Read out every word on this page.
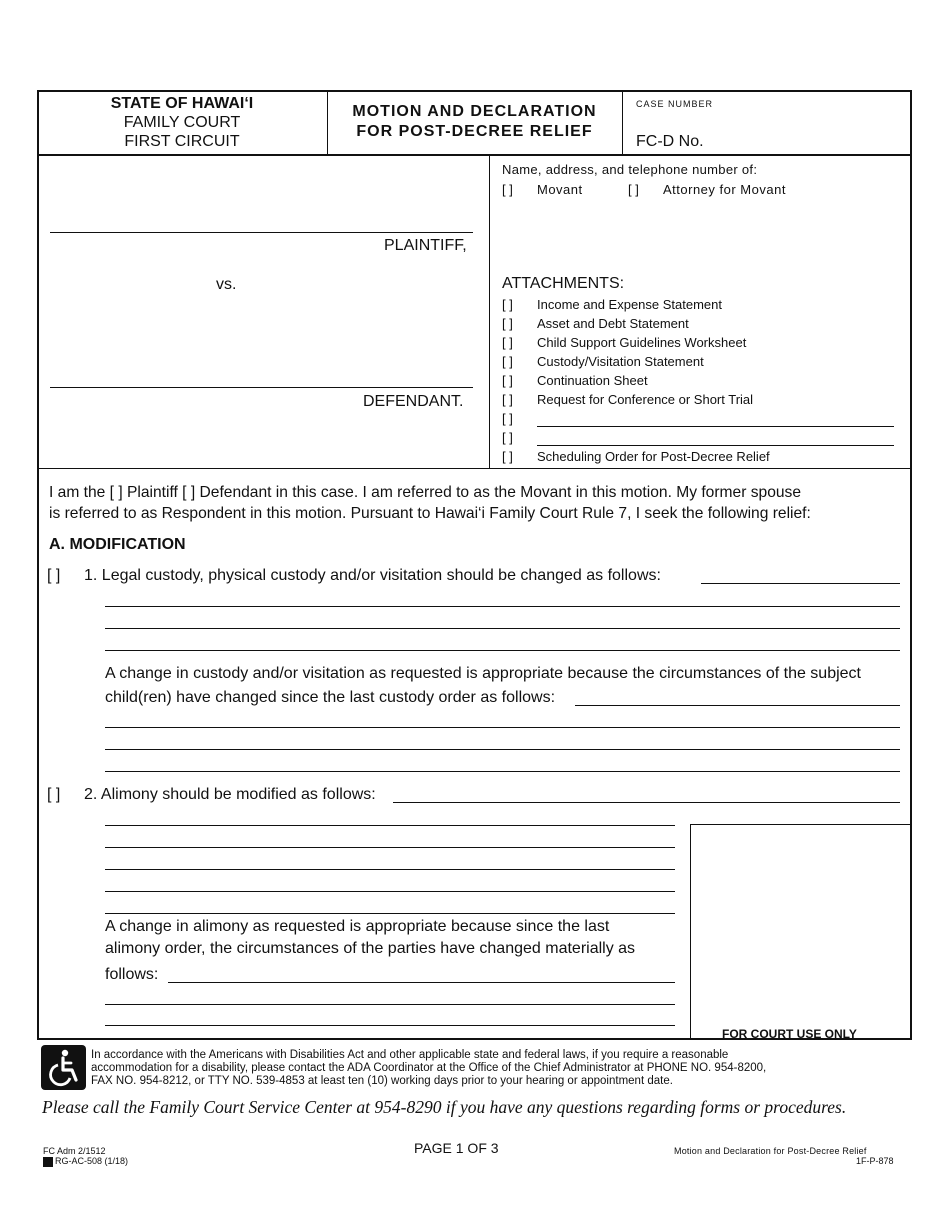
STATE OF HAWAI‘I
FAMILY COURT
FIRST CIRCUIT
MOTION AND DECLARATION
FOR POST-DECREE RELIEF
CASE NUMBER
FC-D No.
PLAINTIFF,
vs.
DEFENDANT.
Name, address, and telephone number of:
[ ] Movant	[ ] Attorney for Movant
ATTACHMENTS:
[ ] Income and Expense Statement
[ ] Asset and Debt Statement
[ ] Child Support Guidelines Worksheet
[ ] Custody/Visitation Statement
[ ] Continuation Sheet
[ ] Request for Conference or Short Trial
[ ]
[ ]
[ ] Scheduling Order for Post-Decree Relief
I am the [ ] Plaintiff [ ] Defendant in this case. I am referred to as the Movant in this motion. My former spouse
is referred to as Respondent in this motion. Pursuant to Hawai‘i Family Court Rule 7, I seek the following relief:
A. MODIFICATION
[ ] 1. Legal custody, physical custody and/or visitation should be changed as follows:
A change in custody and/or visitation as requested is appropriate because the circumstances of the subject
child(ren) have changed since the last custody order as follows:
[ ] 2. Alimony should be modified as follows:
FOR COURT USE ONLY
A change in alimony as requested is appropriate because since the last
alimony order, the circumstances of the parties have changed materially as
follows:
In accordance with the Americans with Disabilities Act and other applicable state and federal laws, if you require a reasonable
accommodation for a disability, please contact the ADA Coordinator at the Office of the Chief Administrator at PHONE NO. 954-8200,
FAX NO. 954-8212, or TTY NO. 539-4853 at least ten (10) working days prior to your hearing or appointment date.
Please call the Family Court Service Center at 954-8290 if you have any questions regarding forms or procedures.
FC Adm 2/1512
RG-AC-508 (1/18)
PAGE 1 OF 3	Motion and Declaration for Post-Decree Relief
1F-P-878
